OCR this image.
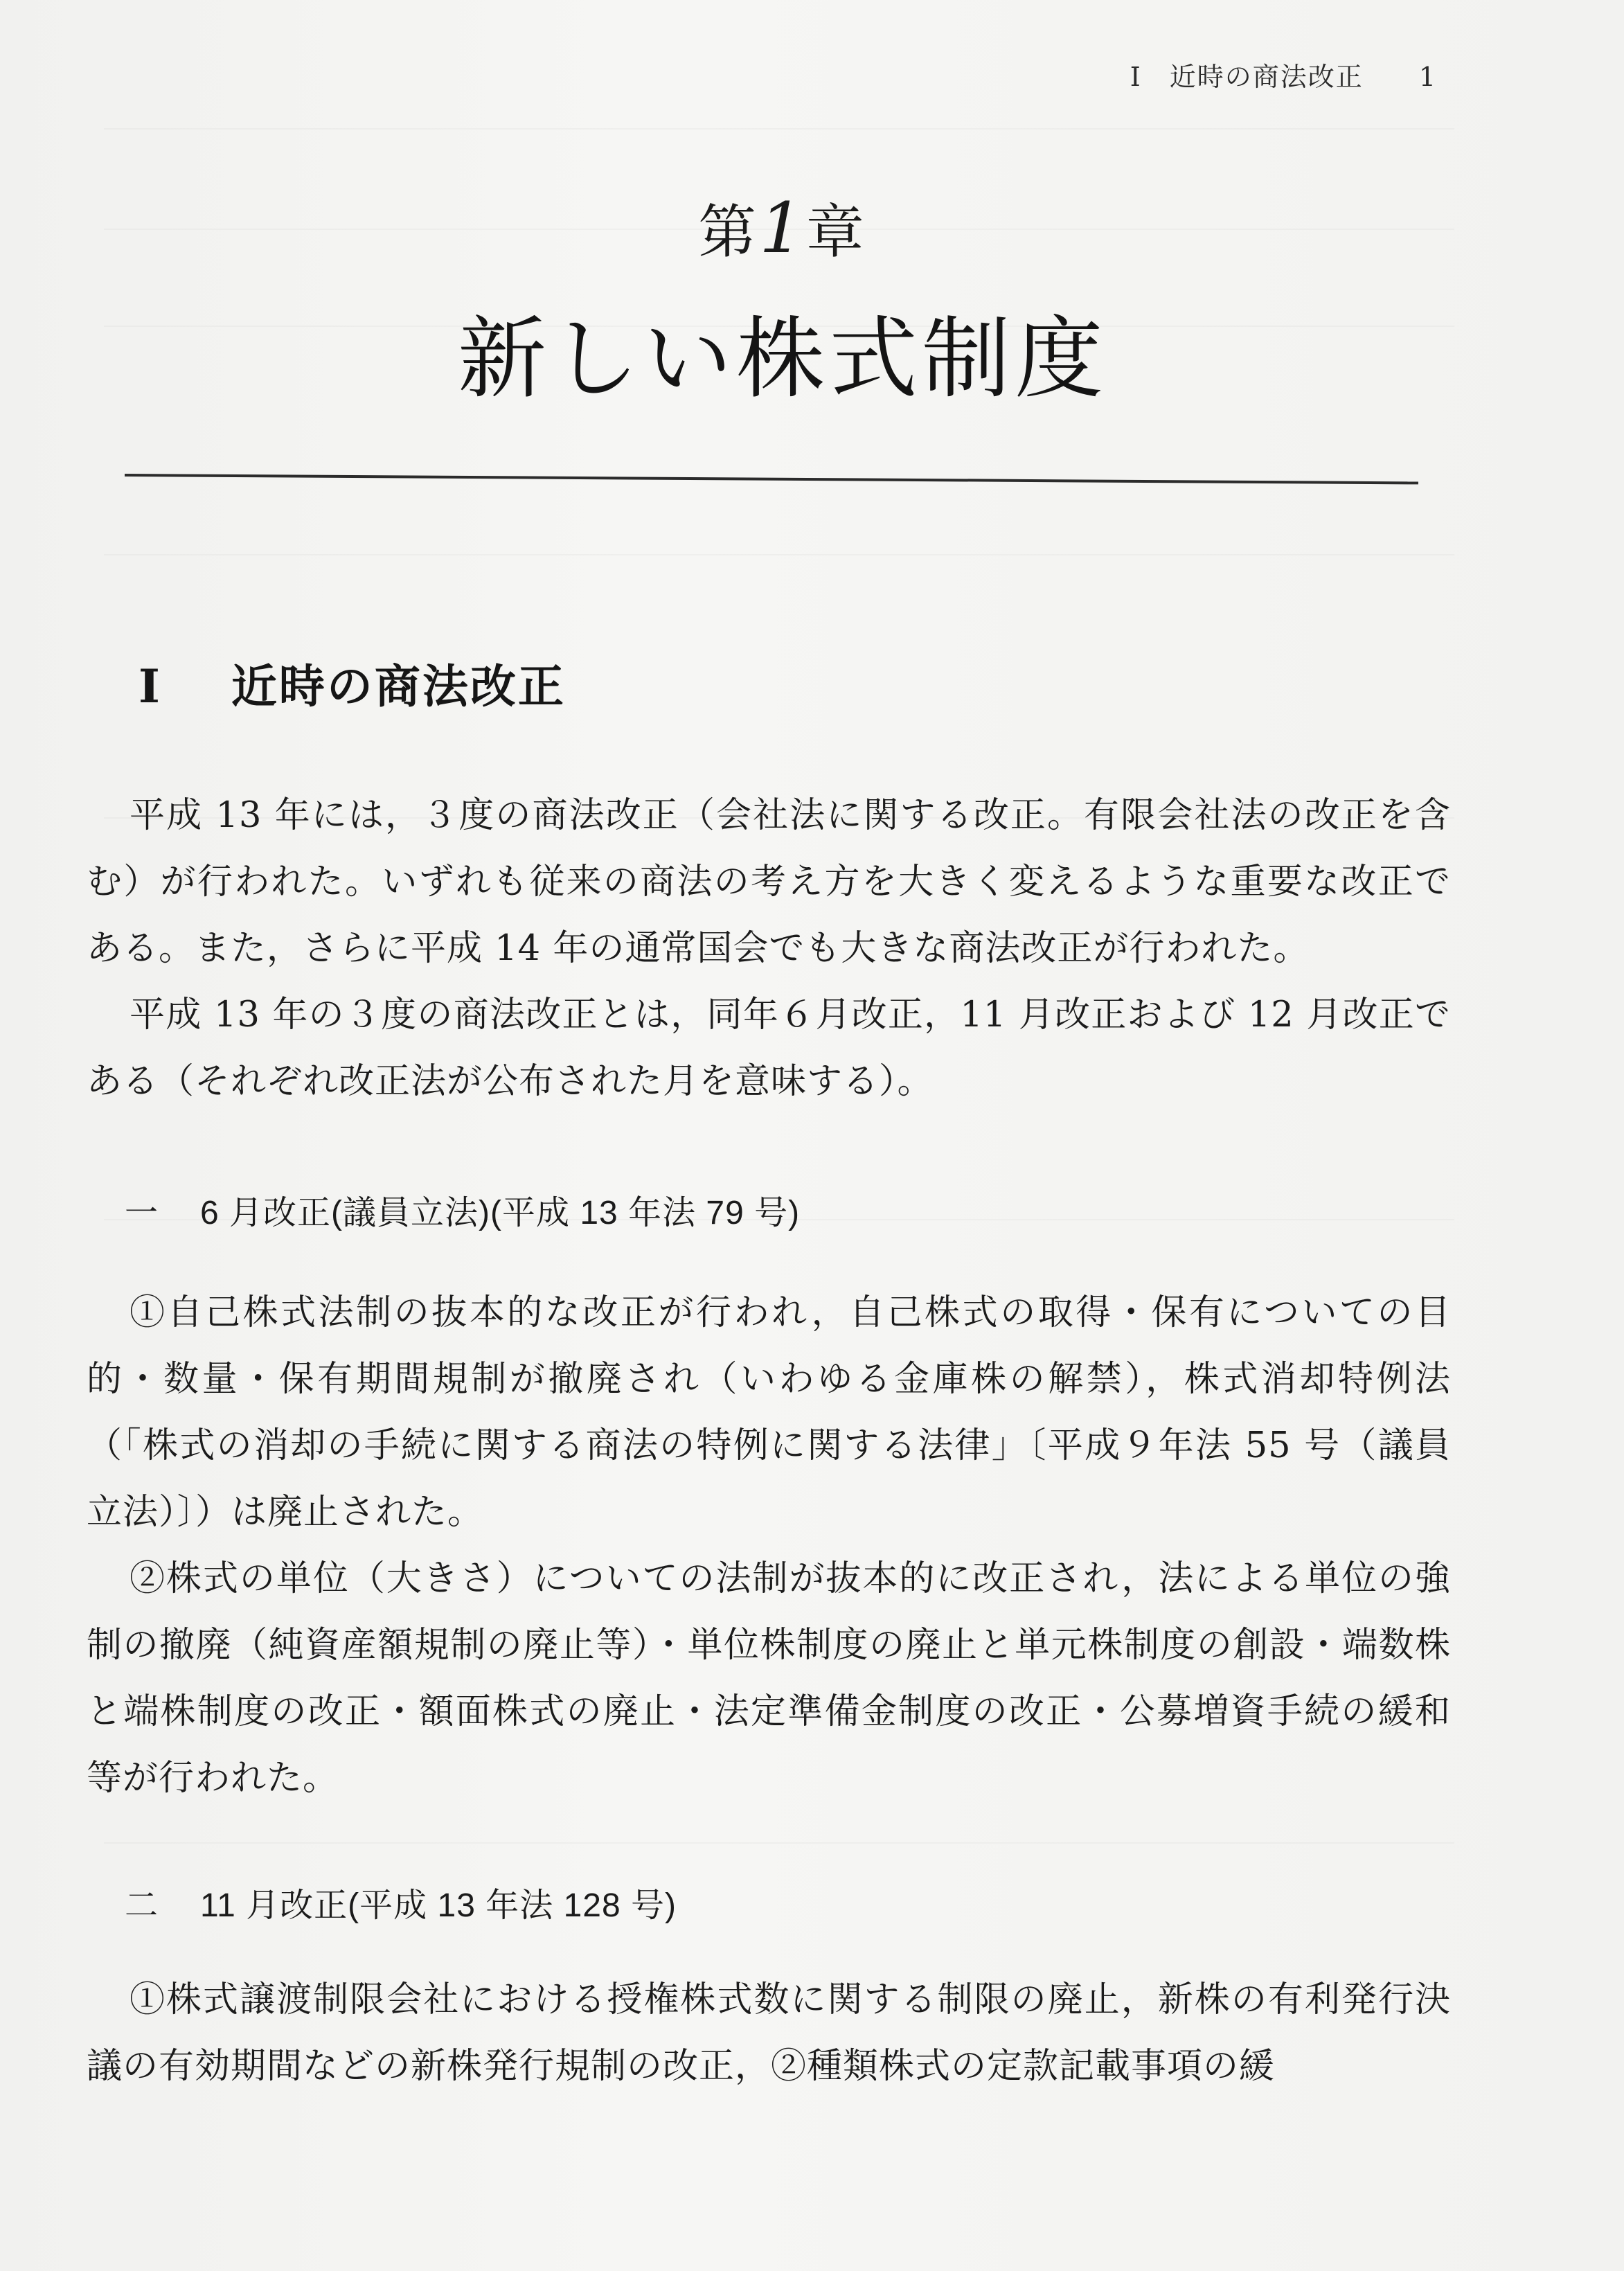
I 近時の商法改正 1
第1章
新しい株式制度
I 近時の商法改正

平成 13 年には，３度の商法改正（会社法に関する改正。有限会社法の改正を含む）が行われた。いずれも従来の商法の考え方を大きく変えるような重要な改正である。また，さらに平成 14 年の通常国会でも大きな商法改正が行われた。

平成 13 年の３度の商法改正とは，同年６月改正，11 月改正および 12 月改正である（それぞれ改正法が公布された月を意味する）。

一 6 月改正(議員立法)(平成 13 年法 79 号)

①自己株式法制の抜本的な改正が行われ，自己株式の取得・保有についての目的・数量・保有期間規制が撤廃され（いわゆる金庫株の解禁），株式消却特例法（「株式の消却の手続に関する商法の特例に関する法律」〔平成９年法 55 号（議員立法）〕）は廃止された。

②株式の単位（大きさ）についての法制が抜本的に改正され，法による単位の強制の撤廃（純資産額規制の廃止等）・単位株制度の廃止と単元株制度の創設・端数株と端株制度の改正・額面株式の廃止・法定準備金制度の改正・公募増資手続の緩和等が行われた。

二 11 月改正(平成 13 年法 128 号)

①株式譲渡制限会社における授権株式数に関する制限の廃止，新株の有利発行決議の有効期間などの新株発行規制の改正，②種類株式の定款記載事項の緩
